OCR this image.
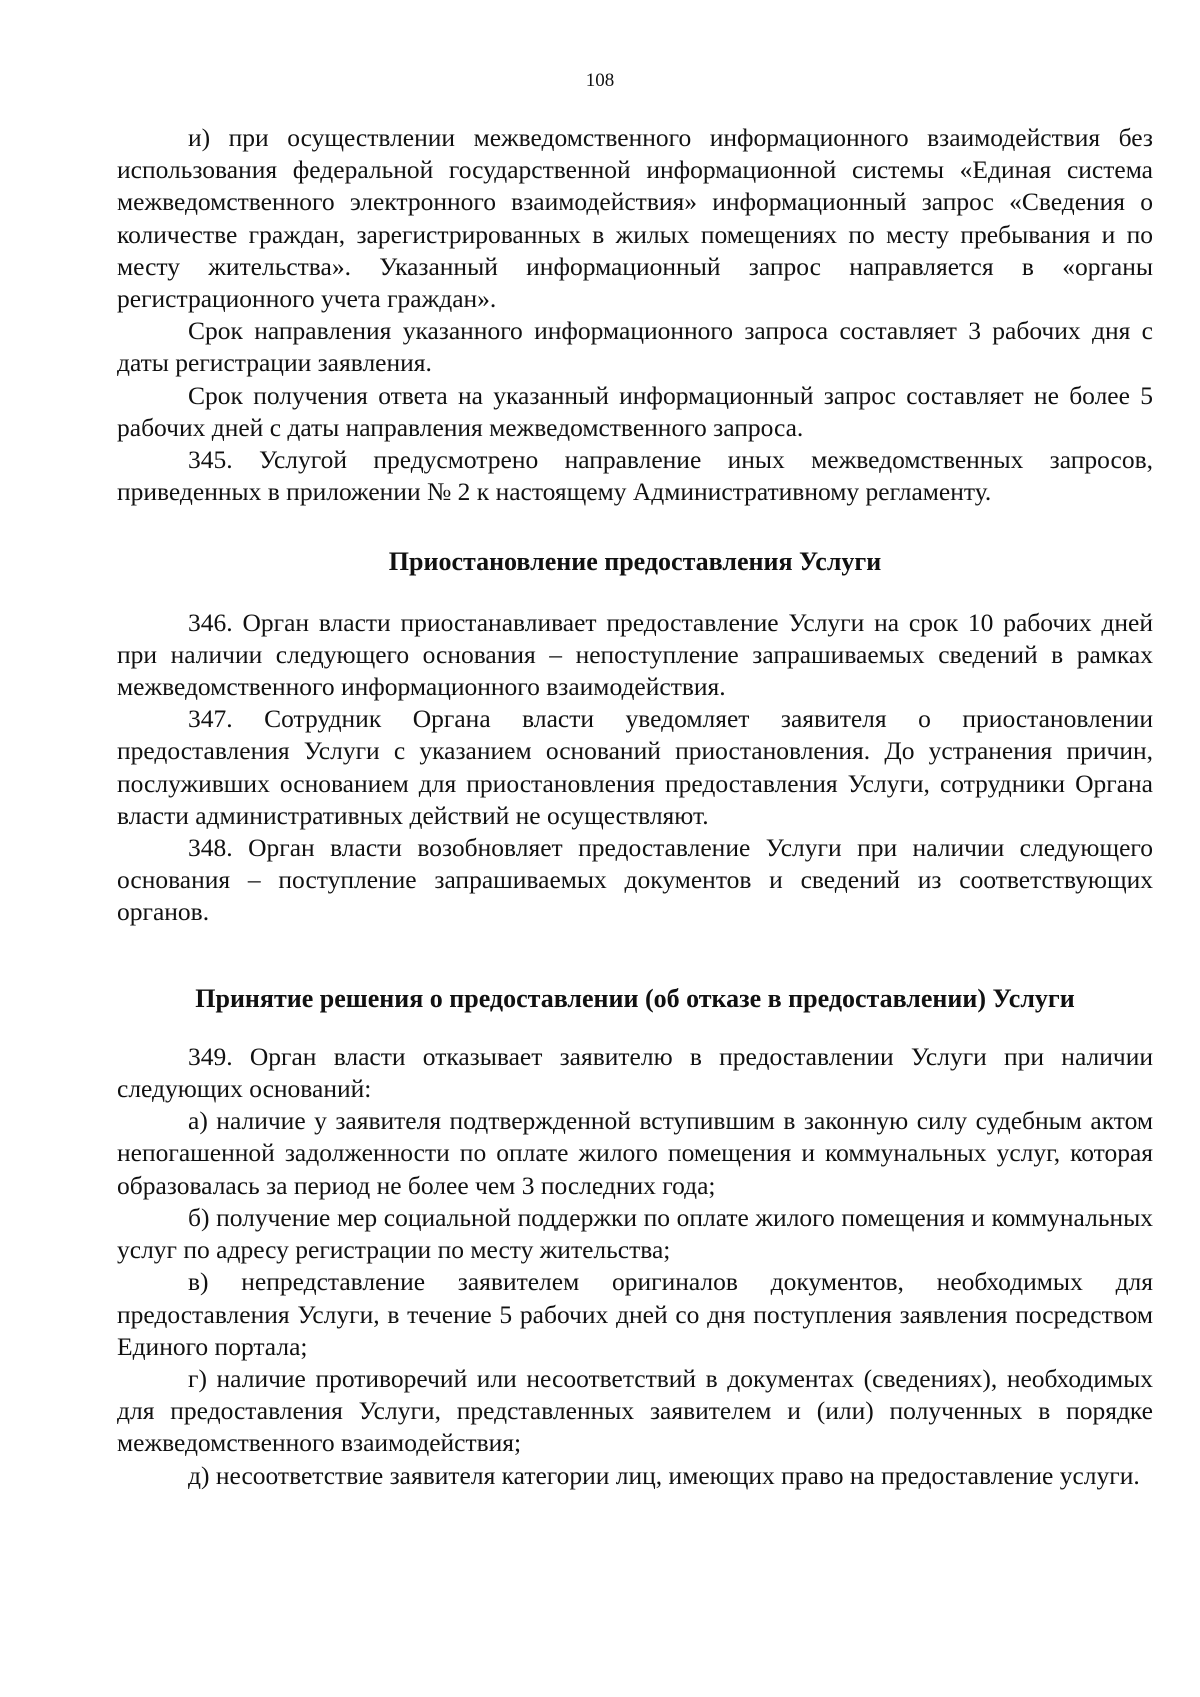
108

и) при осуществлении межведомственного информационного взаимодействия без использования федеральной государственной информационной системы «Единая система межведомственного электронного взаимодействия» информационный запрос «Сведения о количестве граждан, зарегистрированных в жилых помещениях по месту пребывания и по месту жительства». Указанный информационный запрос направляется в «органы регистрационного учета граждан».

Срок направления указанного информационного запроса составляет 3 рабочих дня с даты регистрации заявления.

Срок получения ответа на указанный информационный запрос составляет не более 5 рабочих дней с даты направления межведомственного запроса.

345. Услугой предусмотрено направление иных межведомственных запросов, приведенных в приложении № 2 к настоящему Административному регламенту.

Приостановление предоставления Услуги

346. Орган власти приостанавливает предоставление Услуги на срок 10 рабочих дней при наличии следующего основания – непоступление запрашиваемых сведений в рамках межведомственного информационного взаимодействия.

347. Сотрудник Органа власти уведомляет заявителя о приостановлении предоставления Услуги с указанием оснований приостановления. До устранения причин, послуживших основанием для приостановления предоставления Услуги, сотрудники Органа власти административных действий не осуществляют.

348. Орган власти возобновляет предоставление Услуги при наличии следующего основания – поступление запрашиваемых документов и сведений из соответствующих органов.

Принятие решения о предоставлении (об отказе в предоставлении) Услуги

349. Орган власти отказывает заявителю в предоставлении Услуги при наличии следующих оснований:

а) наличие у заявителя подтвержденной вступившим в законную силу судебным актом непогашенной задолженности по оплате жилого помещения и коммунальных услуг, которая образовалась за период не более чем 3 последних года;

б) получение мер социальной поддержки по оплате жилого помещения и коммунальных услуг по адресу регистрации по месту жительства;

в) непредставление заявителем оригиналов документов, необходимых для предоставления Услуги, в течение 5 рабочих дней со дня поступления заявления посредством Единого портала;

г) наличие противоречий или несоответствий в документах (сведениях), необходимых для предоставления Услуги, представленных заявителем и (или) полученных в порядке межведомственного взаимодействия;

д) несоответствие заявителя категории лиц, имеющих право на предоставление услуги.
